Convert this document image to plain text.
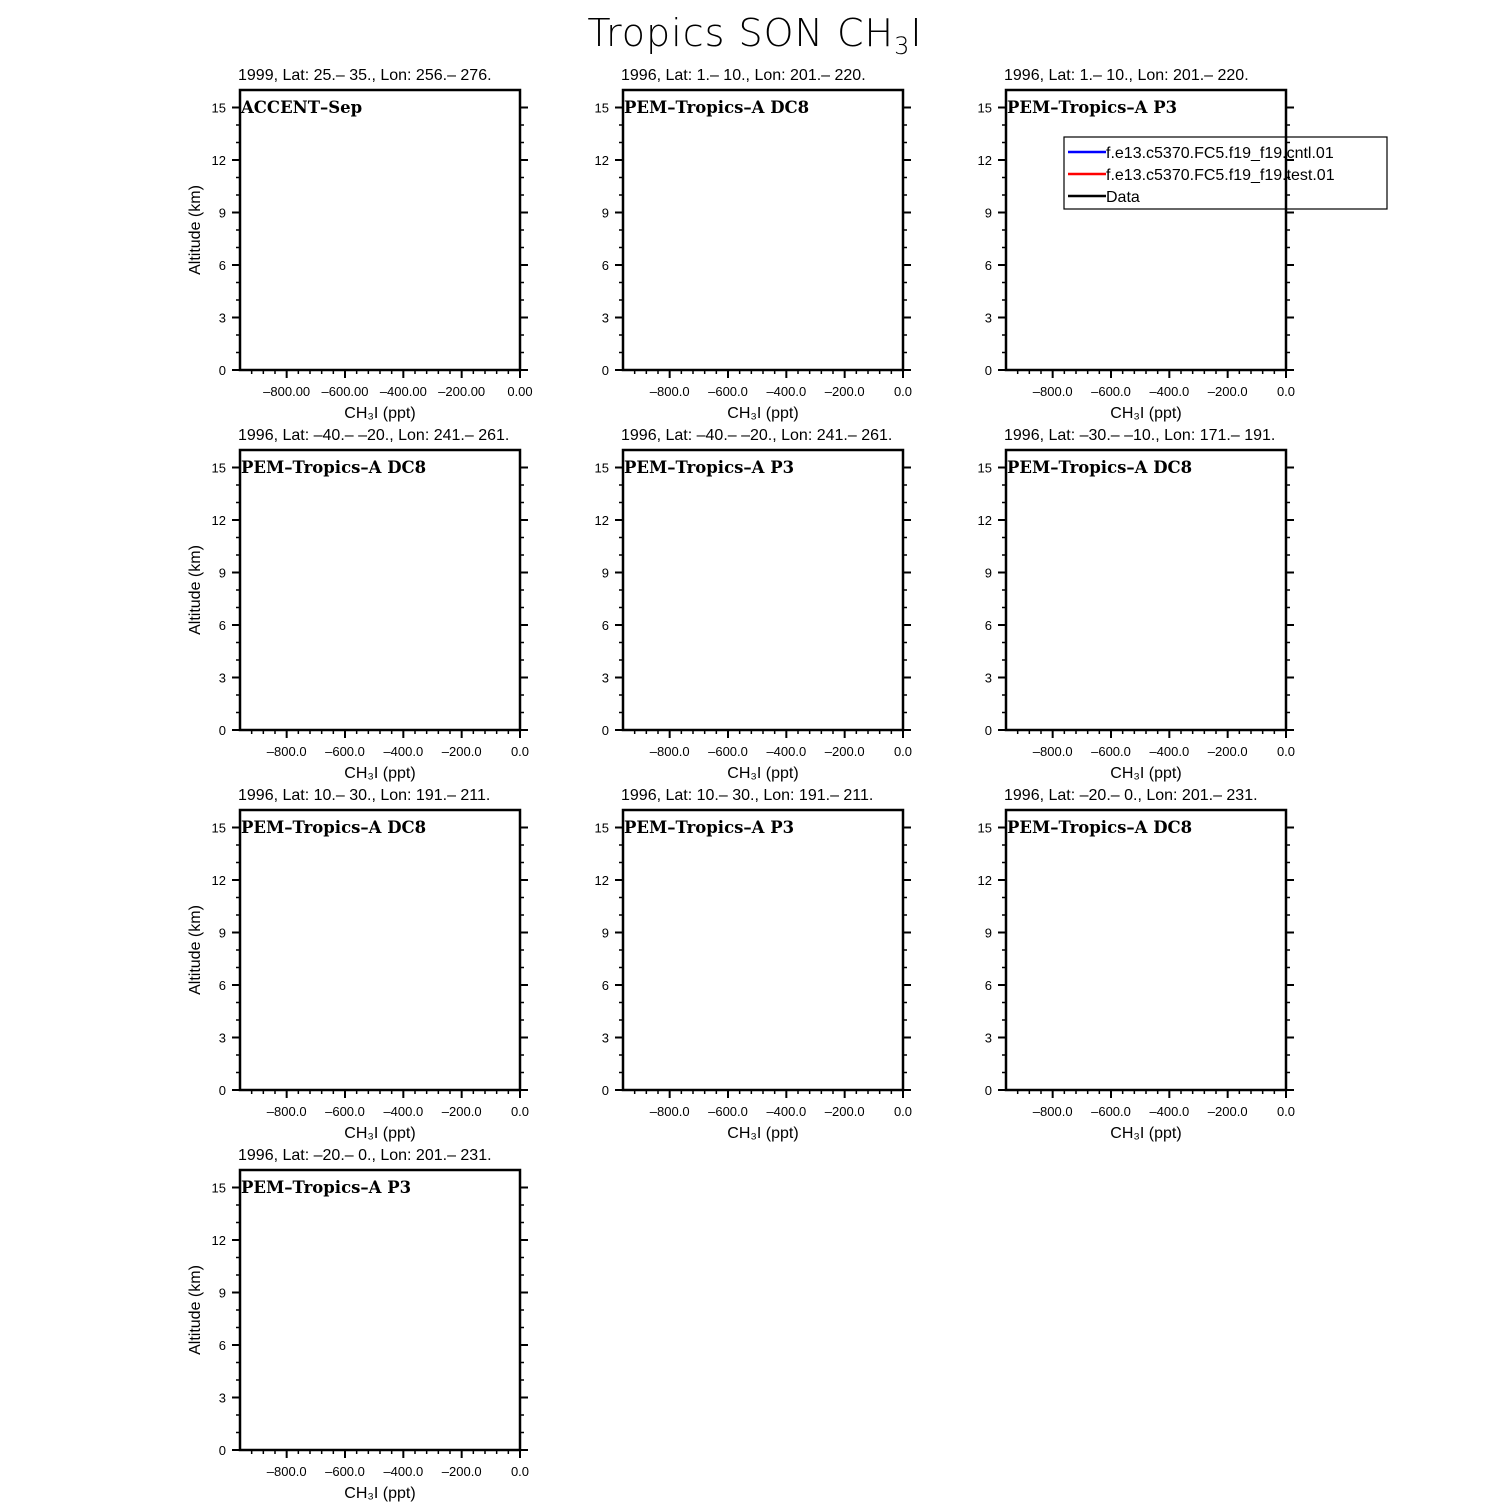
Tropics SON $CH_3I$
1999, Lat: 25.– 35., Lon: 256.– 276.
ACCENT–Sep
0
3
6
9
12
15
–800.00 –600.00 –400.00 –200.00 0.00
CH₃I (ppt)
Altitude (km)
1996, Lat: 1.– 10., Lon: 201.– 220.
PEM–Tropics–A DC8
0
3
6
9
12
15
–800.0 –600.0 –400.0 –200.0 0.0
CH₃I (ppt)
1996, Lat: 1.– 10., Lon: 201.– 220.
PEM–Tropics–A P3
0
3
6
9
12
15
–800.0 –600.0 –400.0 –200.0 0.0
CH₃I (ppt)
f.e13.c5370.FC5.f19_f19.cntl.01
f.e13.c5370.FC5.f19_f19.test.01
Data
1996, Lat: –40.– –20., Lon: 241.– 261.
PEM–Tropics–A DC8
0
3
6
9
12
15
–800.0 –600.0 –400.0 –200.0 0.0
CH₃I (ppt)
Altitude (km)
1996, Lat: –40.– –20., Lon: 241.– 261.
PEM–Tropics–A P3
0
3
6
9
12
15
–800.0 –600.0 –400.0 –200.0 0.0
CH₃I (ppt)
1996, Lat: –30.– –10., Lon: 171.– 191.
PEM–Tropics–A DC8
0
3
6
9
12
15
–800.0 –600.0 –400.0 –200.0 0.0
CH₃I (ppt)
1996, Lat: 10.– 30., Lon: 191.– 211.
PEM–Tropics–A DC8
0
3
6
9
12
15
–800.0 –600.0 –400.0 –200.0 0.0
CH₃I (ppt)
Altitude (km)
1996, Lat: 10.– 30., Lon: 191.– 211.
PEM–Tropics–A P3
0
3
6
9
12
15
–800.0 –600.0 –400.0 –200.0 0.0
CH₃I (ppt)
1996, Lat: –20.– 0., Lon: 201.– 231.
PEM–Tropics–A DC8
0
3
6
9
12
15
–800.0 –600.0 –400.0 –200.0 0.0
CH₃I (ppt)
1996, Lat: –20.– 0., Lon: 201.– 231.
PEM–Tropics–A P3
0
3
6
9
12
15
–800.0 –600.0 –400.0 –200.0 0.0
CH₃I (ppt)
Altitude (km)
